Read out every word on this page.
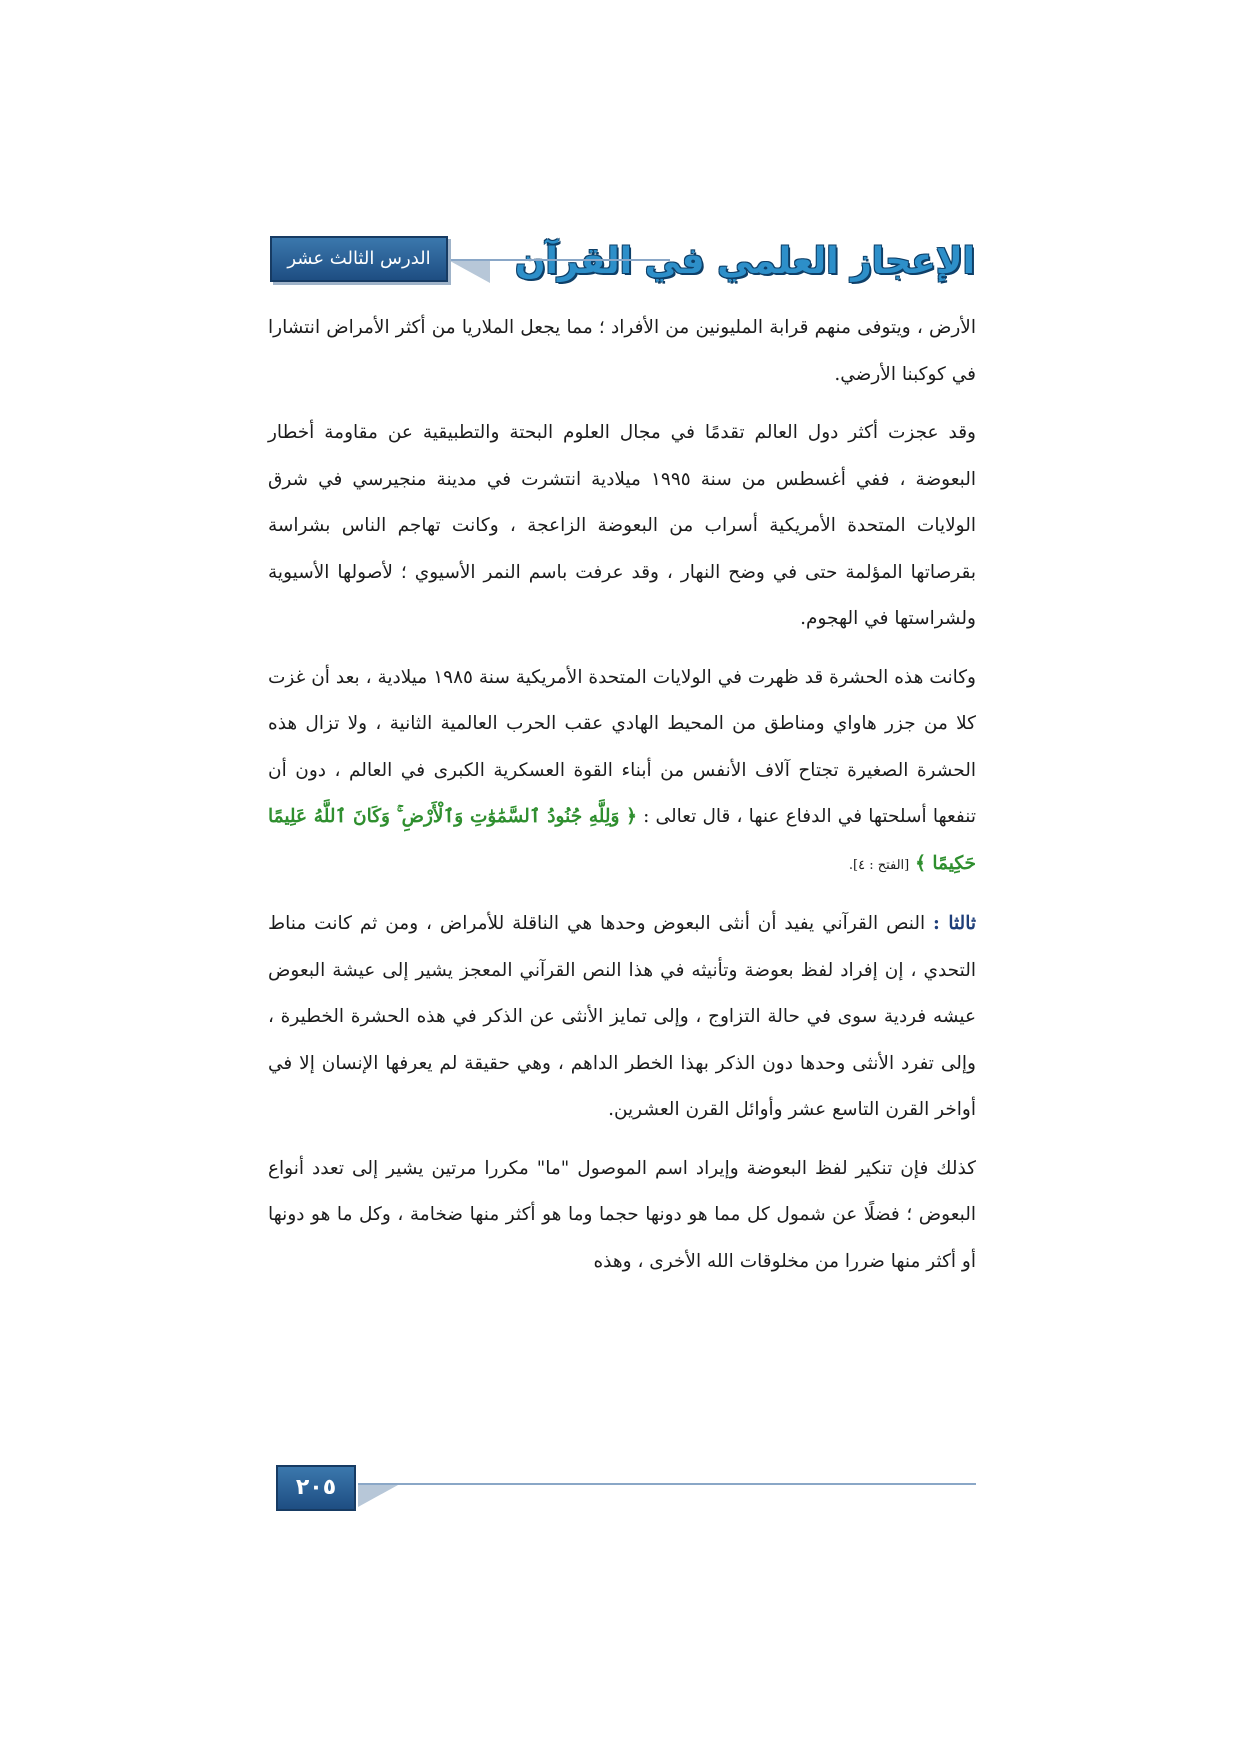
الإعجاز العلمي في القرآن
الدرس الثالث عشر

الأرض ، ويتوفى منهم قرابة المليونين من الأفراد ؛ مما يجعل الملاريا من أكثر الأمراض انتشارا في كوكبنا الأرضي.

وقد عجزت أكثر دول العالم تقدمًا في مجال العلوم البحتة والتطبيقية عن مقاومة أخطار البعوضة ، ففي أغسطس من سنة ١٩٩٥ ميلادية انتشرت في مدينة منجيرسي في شرق الولايات المتحدة الأمريكية أسراب من البعوضة الزاعجة ، وكانت تهاجم الناس بشراسة بقرصاتها المؤلمة حتى في وضح النهار ، وقد عرفت باسم النمر الأسيوي ؛ لأصولها الأسيوية ولشراستها في الهجوم.

وكانت هذه الحشرة قد ظهرت في الولايات المتحدة الأمريكية سنة ١٩٨٥ ميلادية ، بعد أن غزت كلا من جزر هاواي ومناطق من المحيط الهادي عقب الحرب العالمية الثانية ، ولا تزال هذه الحشرة الصغيرة تجتاح آلاف الأنفس من أبناء القوة العسكرية الكبرى في العالم ، دون أن تنفعها أسلحتها في الدفاع عنها ، قال تعالى : ﴿ وَلِلَّهِ جُنُودُ ٱلسَّمَٰوَٰتِ وَٱلْأَرْضِ ۚ وَكَانَ ٱللَّهُ عَلِيمًا حَكِيمًا ﴾ [الفتح : ٤].

ثالثا : النص القرآني يفيد أن أنثى البعوض وحدها هي الناقلة للأمراض ، ومن ثم كانت مناط التحدي ، إن إفراد لفظ بعوضة وتأنيثه في هذا النص القرآني المعجز يشير إلى عيشة البعوض عيشه فردية سوى في حالة التزاوج ، وإلى تمايز الأنثى عن الذكر في هذه الحشرة الخطيرة ، وإلى تفرد الأنثى وحدها دون الذكر بهذا الخطر الداهم ، وهي حقيقة لم يعرفها الإنسان إلا في أواخر القرن التاسع عشر وأوائل القرن العشرين.

كذلك فإن تنكير لفظ البعوضة وإيراد اسم الموصول "ما" مكررا مرتين يشير إلى تعدد أنواع البعوض ؛ فضلًا عن شمول كل مما هو دونها حجما وما هو أكثر منها ضخامة ، وكل ما هو دونها أو أكثر منها ضررا من مخلوقات الله الأخرى ، وهذه

٢٠٥
